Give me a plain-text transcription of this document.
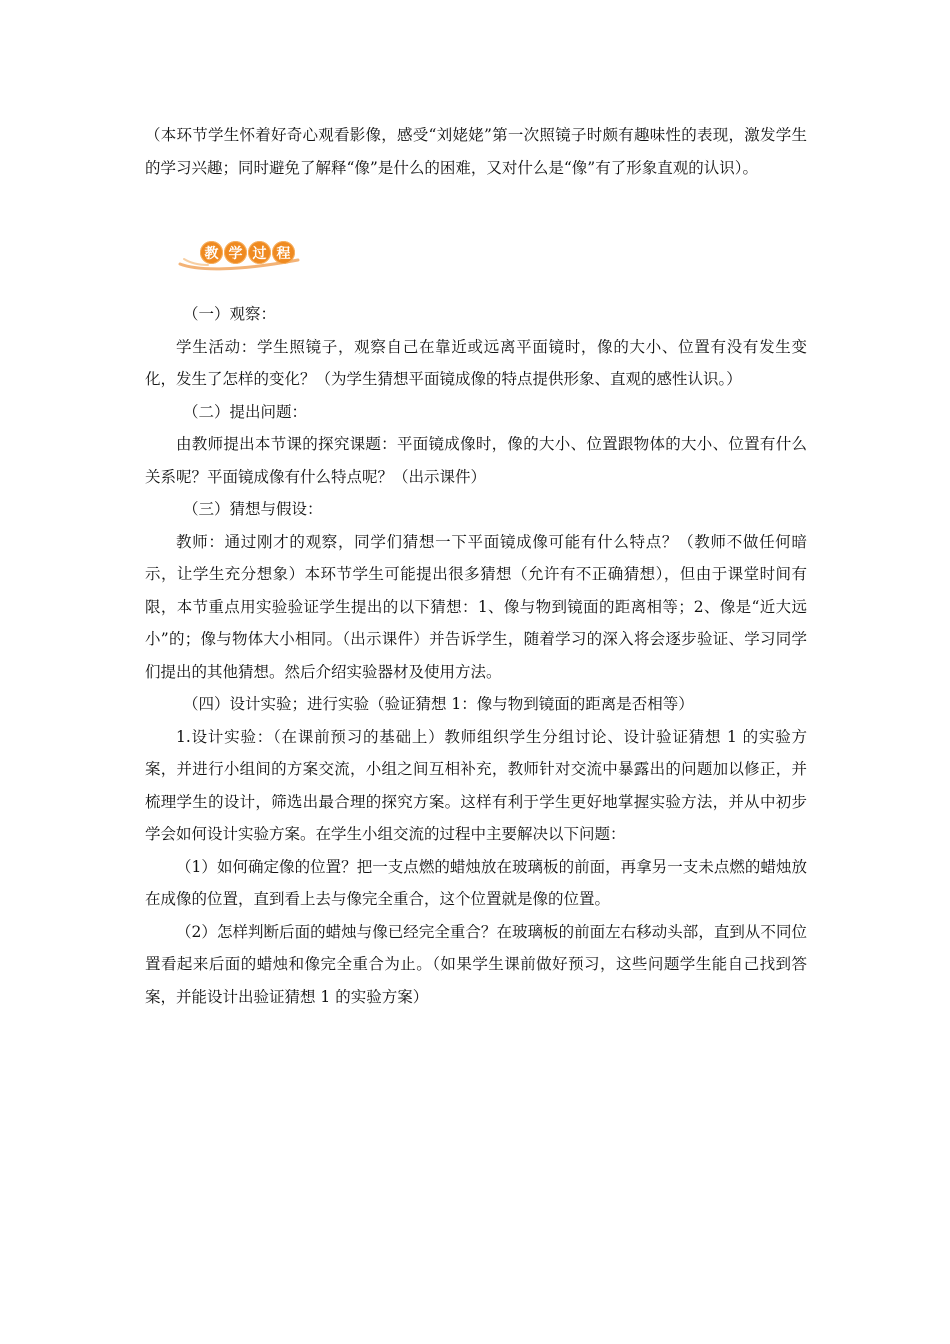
（本环节学生怀着好奇心观看影像，感受“刘姥姥”第一次照镜子时颇有趣味性的表现，激发学生的学习兴趣；同时避免了解释“像”是什么的困难，又对什么是“像”有了形象直观的认识）。

教 学 过 程

（一）观察：

学生活动：学生照镜子，观察自己在靠近或远离平面镜时，像的大小、位置有没有发生变化，发生了怎样的变化？（为学生猜想平面镜成像的特点提供形象、直观的感性认识。）

（二）提出问题：

由教师提出本节课的探究课题：平面镜成像时，像的大小、位置跟物体的大小、位置有什么关系呢？平面镜成像有什么特点呢？（出示课件）

（三）猜想与假设：

教师：通过刚才的观察，同学们猜想一下平面镜成像可能有什么特点？（教师不做任何暗示，让学生充分想象）本环节学生可能提出很多猜想（允许有不正确猜想），但由于课堂时间有限，本节重点用实验验证学生提出的以下猜想：1、像与物到镜面的距离相等；2、像是“近大远小”的；像与物体大小相同。（出示课件）并告诉学生，随着学习的深入将会逐步验证、学习同学们提出的其他猜想。然后介绍实验器材及使用方法。

（四）设计实验；进行实验（验证猜想 1：像与物到镜面的距离是否相等）

1.设计实验：（在课前预习的基础上）教师组织学生分组讨论、设计验证猜想 1 的实验方案，并进行小组间的方案交流，小组之间互相补充，教师针对交流中暴露出的问题加以修正，并梳理学生的设计，筛选出最合理的探究方案。这样有利于学生更好地掌握实验方法，并从中初步学会如何设计实验方案。在学生小组交流的过程中主要解决以下问题：

（1）如何确定像的位置？把一支点燃的蜡烛放在玻璃板的前面，再拿另一支未点燃的蜡烛放在成像的位置，直到看上去与像完全重合，这个位置就是像的位置。

（2）怎样判断后面的蜡烛与像已经完全重合？在玻璃板的前面左右移动头部，直到从不同位置看起来后面的蜡烛和像完全重合为止。（如果学生课前做好预习，这些问题学生能自己找到答案，并能设计出验证猜想 1 的实验方案）
